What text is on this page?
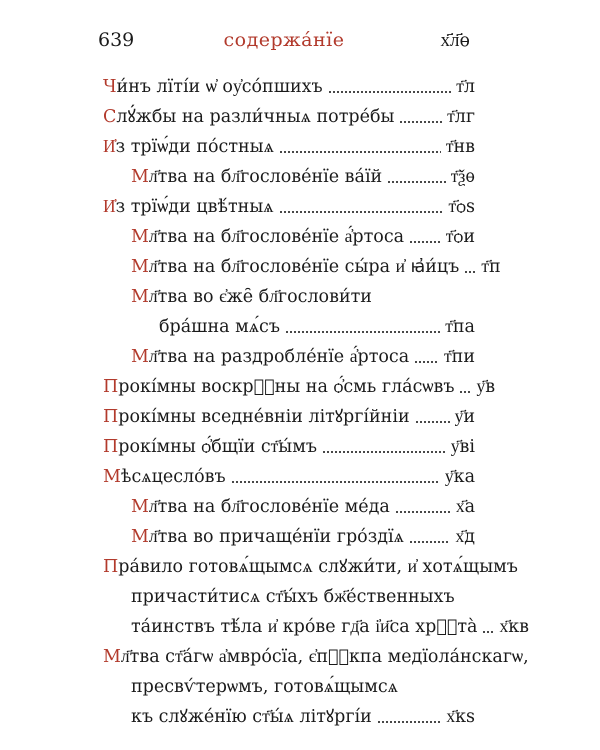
639	содержа́нїе	х҃л҃ѳ
Чи́нъ лїті́и ѡ҆ оу҆со́пшихъ	т҃л
Слꙋ́жбы на разли́чныѧ потре́бы	т҃лг
И҆з трїѡ́ди по́стныѧ	т҃нв
Мл҃тва на бл҃гослове́нїе ва́їй	т҃ѯѳ
И҆з трїѡ́ди цвѣ́тныѧ	т҃ѻѕ
Мл҃тва на бл҃гослове́нїе а҆́ртоса т҃ѻи
Мл҃тва на бл҃гослове́нїе сы́ра и҆ ꙗ҆и́цъ т҃п
Мл҃тва во є҆же̑ бл҃гослови́ти
бра́шна мѧ́съ	т҃па
Мл҃тва на раздробле́нїе а҆́ртоса т҃пи
Прокі́мны воскрⷭ҇ны на ѻ҆́смь гла́сѡвъ у҃в
Прокі́мны вседне́вніи літꙋргі́йніи	у҃и
Прокі́мны ѻ҆́бщїи ст҃ы́мъ	у҃ві
Мѣсѧцесло́въ	у҃ка
Мл҃тва на бл҃гослове́нїе ме́да	х҃а
Мл҃тва во причаще́нїи гро́здїѧ	х҃д
Пра́вило готовѧ́щымсѧ слꙋжи́ти, и҆ хотѧ́щымъ
причасти́тисѧ ст҃ы́хъ бж҃е́ственныхъ
та́инствъ тѣ́ла и҆ кро́ве гд҃а і҆и҃са хрⷭ҇та̀ х҃кв
Мл҃тва ст҃а́гѡ а҆мвро́сїа, є҆пⷭ҇кпа медїола́нскагѡ,
пресвѵ́терѡмъ, готовѧ́щымсѧ
къ слꙋже́нїю ст҃ы́ѧ літꙋргі́и	х҃кѕ
